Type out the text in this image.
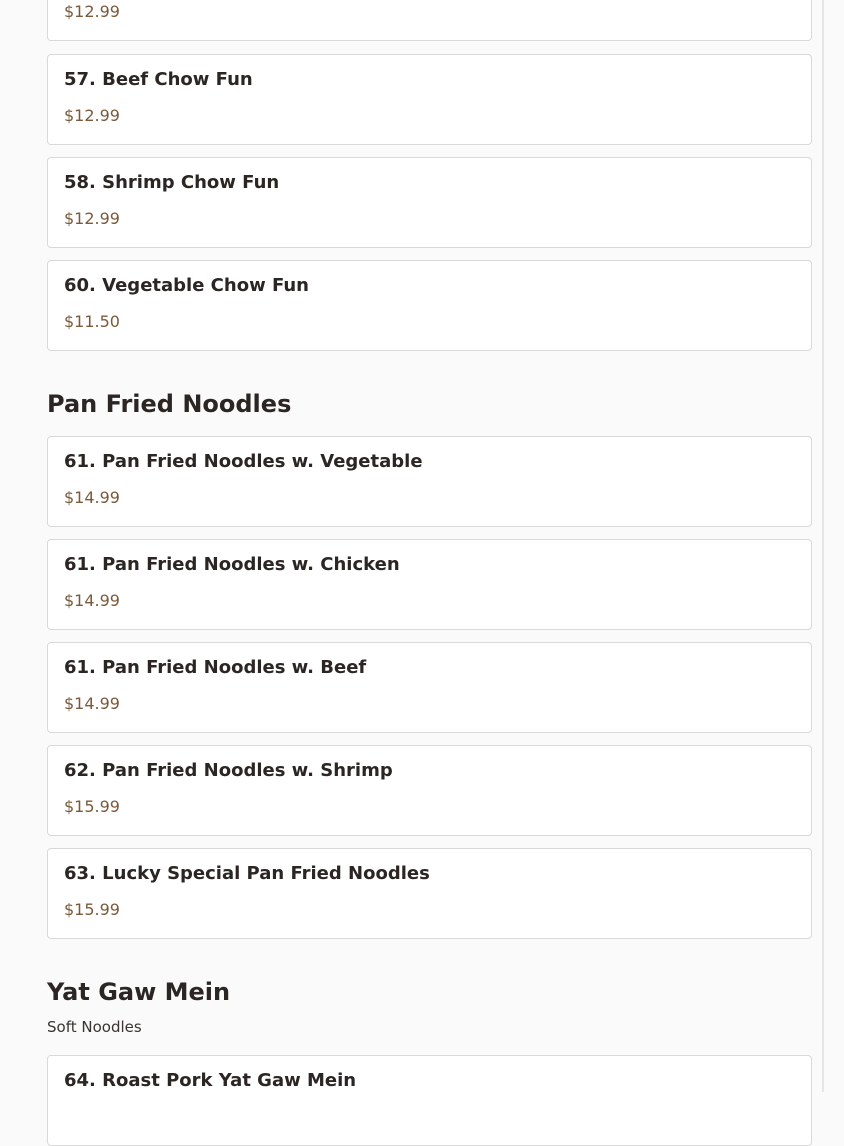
$12.99
57. Beef Chow Fun
$12.99
58. Shrimp Chow Fun
$12.99
60. Vegetable Chow Fun
$11.50
Pan Fried Noodles
61. Pan Fried Noodles w. Vegetable
$14.99
61. Pan Fried Noodles w. Chicken
$14.99
61. Pan Fried Noodles w. Beef
$14.99
62. Pan Fried Noodles w. Shrimp
$15.99
63. Lucky Special Pan Fried Noodles
$15.99
Yat Gaw Mein
Soft Noodles
64. Roast Pork Yat Gaw Mein
